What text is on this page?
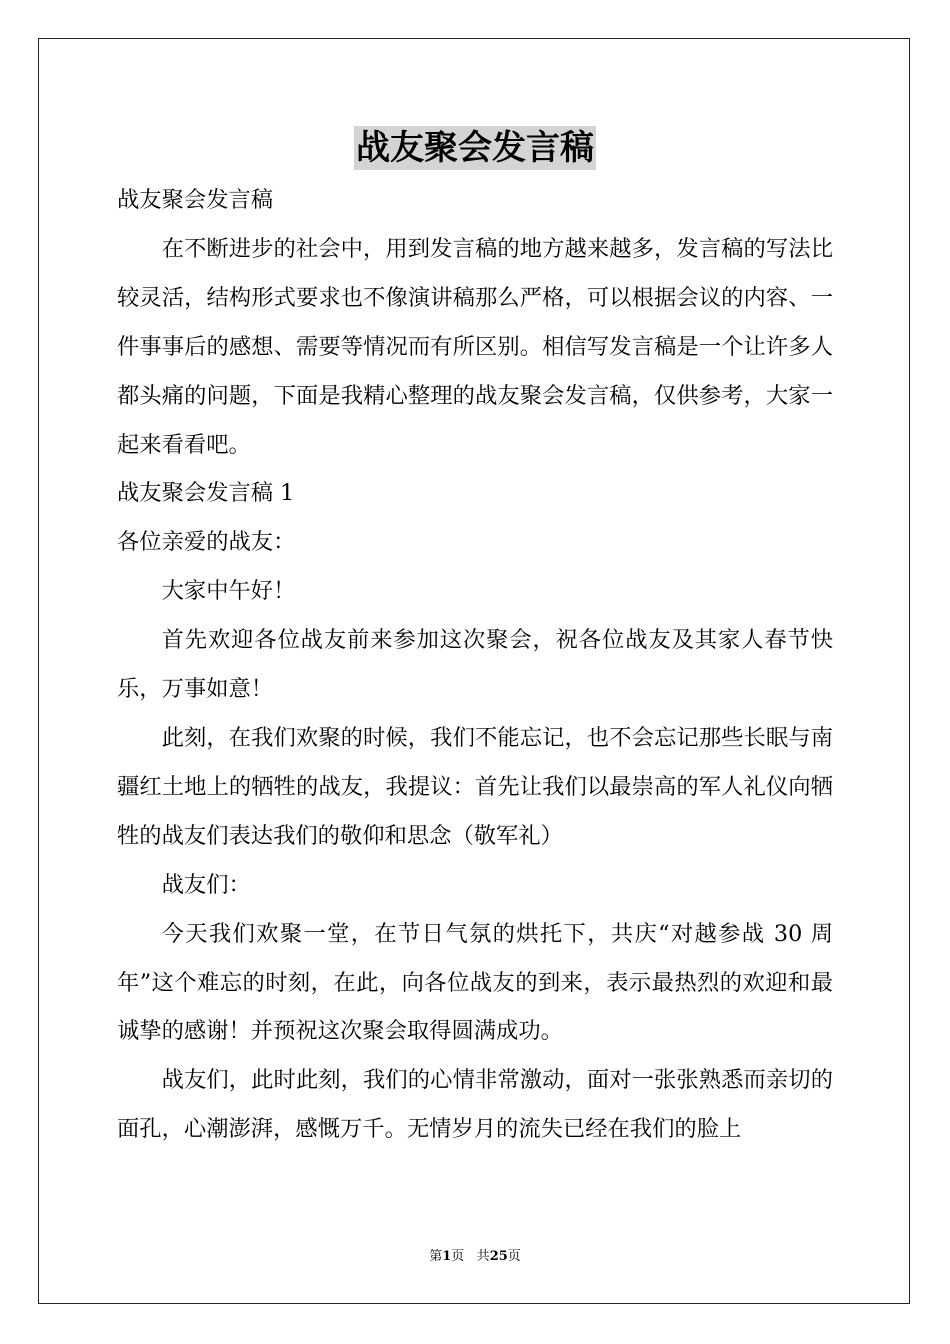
战友聚会发言稿

战友聚会发言稿

在不断进步的社会中，用到发言稿的地方越来越多，发言稿的写法比较灵活，结构形式要求也不像演讲稿那么严格，可以根据会议的内容、一件事事后的感想、需要等情况而有所区别。相信写发言稿是一个让许多人都头痛的问题，下面是我精心整理的战友聚会发言稿，仅供参考，大家一起来看看吧。

战友聚会发言稿 1

各位亲爱的战友：

大家中午好！

首先欢迎各位战友前来参加这次聚会，祝各位战友及其家人春节快乐，万事如意！

此刻，在我们欢聚的时候，我们不能忘记，也不会忘记那些长眠与南疆红土地上的牺牲的战友，我提议：首先让我们以最崇高的军人礼仪向牺牲的战友们表达我们的敬仰和思念（敬军礼）

战友们：

今天我们欢聚一堂，在节日气氛的烘托下，共庆“对越参战 30 周年”这个难忘的时刻，在此，向各位战友的到来，表示最热烈的欢迎和最诚挚的感谢！并预祝这次聚会取得圆满成功。

战友们，此时此刻，我们的心情非常激动，面对一张张熟悉而亲切的面孔，心潮澎湃，感慨万千。无情岁月的流失已经在我们的脸上

第1页 共25页
